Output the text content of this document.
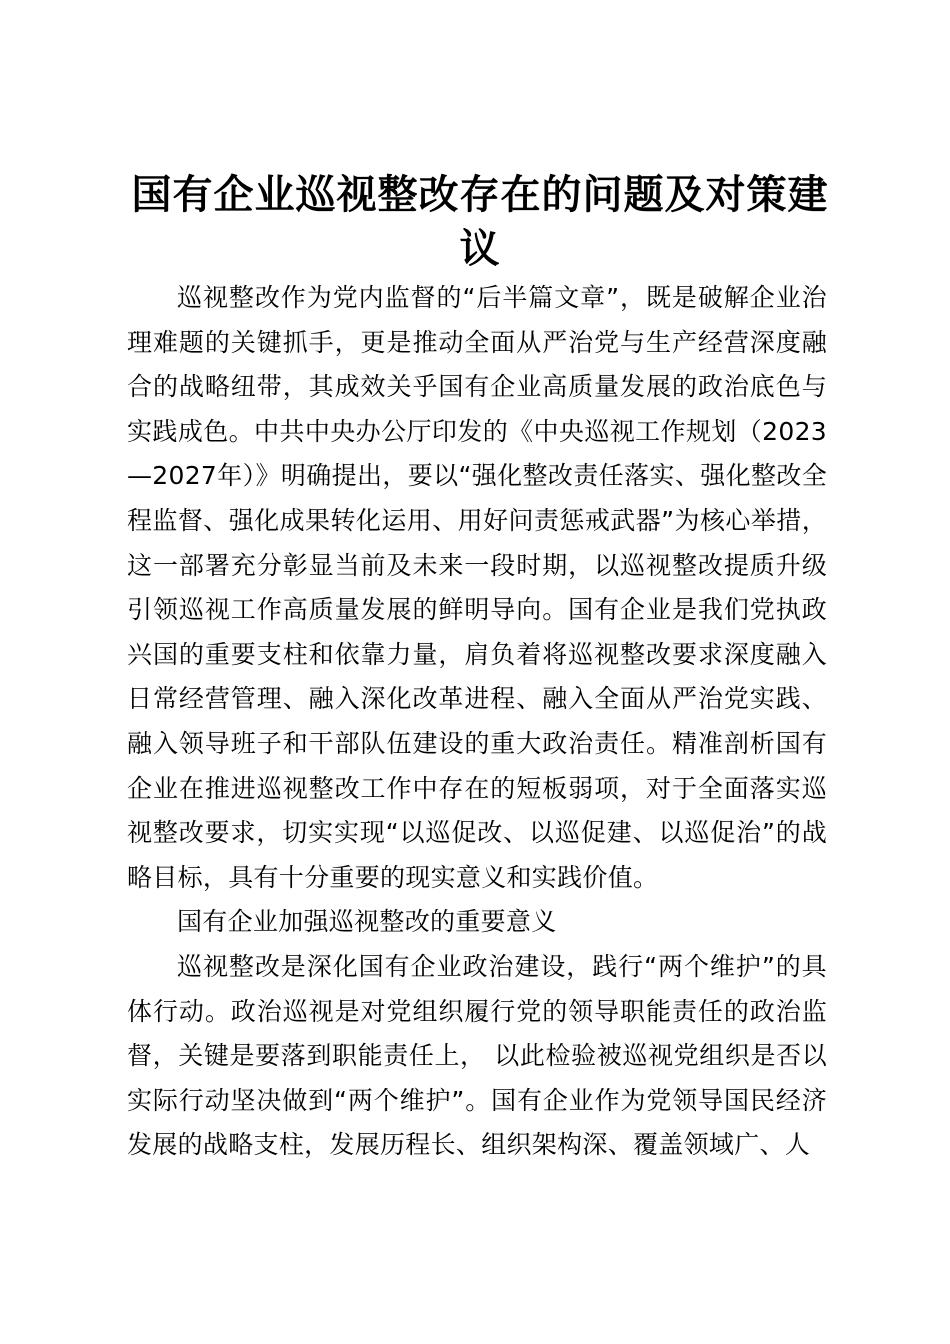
国有企业巡视整改存在的问题及对策建议

巡视整改作为党内监督的“后半篇文章”，既是破解企业治理难题的关键抓手，更是推动全面从严治党与生产经营深度融合的战略纽带，其成效关乎国有企业高质量发展的政治底色与实践成色。中共中央办公厅印发的《中央巡视工作规划（2023—2027年）》明确提出，要以“强化整改责任落实、强化整改全程监督、强化成果转化运用、用好问责惩戒武器”为核心举措，这一部署充分彰显当前及未来一段时期，以巡视整改提质升级引领巡视工作高质量发展的鲜明导向。国有企业是我们党执政兴国的重要支柱和依靠力量，肩负着将巡视整改要求深度融入日常经营管理、融入深化改革进程、融入全面从严治党实践、融入领导班子和干部队伍建设的重大政治责任。精准剖析国有企业在推进巡视整改工作中存在的短板弱项，对于全面落实巡视整改要求，切实实现“以巡促改、以巡促建、以巡促治”的战略目标，具有十分重要的现实意义和实践价值。

国有企业加强巡视整改的重要意义

巡视整改是深化国有企业政治建设，践行“两个维护”的具体行动。政治巡视是对党组织履行党的领导职能责任的政治监督，关键是要落到职能责任上， 以此检验被巡视党组织是否以实际行动坚决做到“两个维护”。国有企业作为党领导国民经济发展的战略支柱，发展历程长、组织架构深、覆盖领域广、人
